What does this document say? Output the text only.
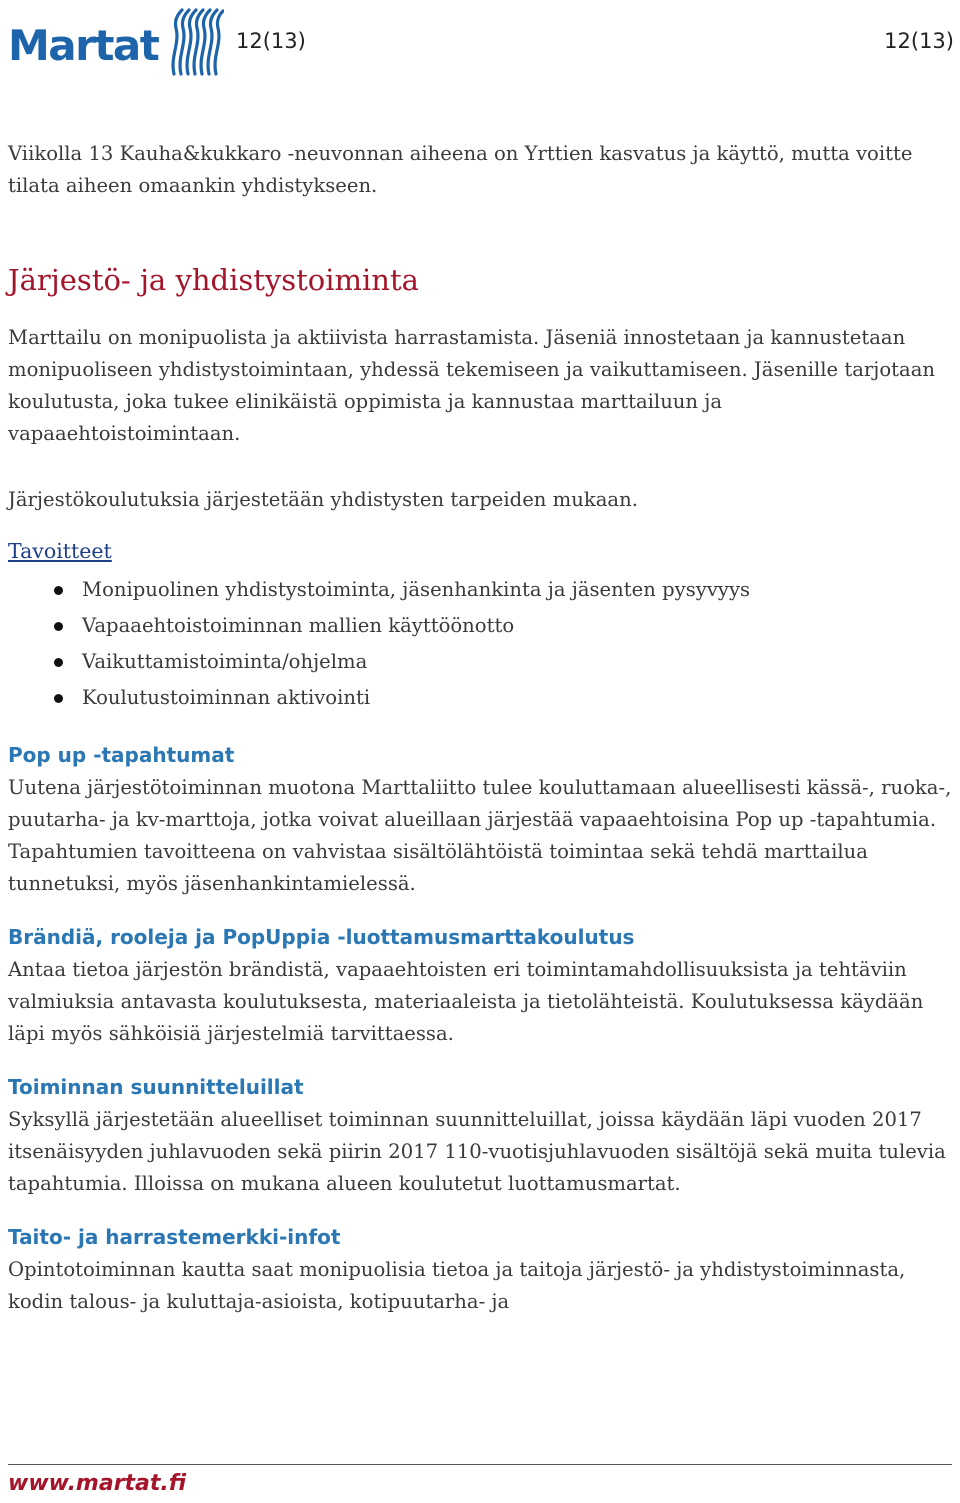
Martat	12(13)	12(13)

Viikolla 13 Kauha&kukkaro -neuvonnan aiheena on Yrttien kasvatus ja käyttö, mutta voitte tilata aiheen omaankin yhdistykseen.

Järjestö- ja yhdistystoiminta

Marttailu on monipuolista ja aktiivista harrastamista. Jäseniä innostetaan ja kannustetaan monipuoliseen yhdistystoimintaan, yhdessä tekemiseen ja vaikuttamiseen. Jäsenille tarjotaan koulutusta, joka tukee elinikäistä oppimista ja kannustaa marttailuun ja vapaaehtoistoimintaan.

Järjestökoulutuksia järjestetään yhdistysten tarpeiden mukaan.

Tavoitteet
Monipuolinen yhdistystoiminta, jäsenhankinta ja jäsenten pysyvyys
Vapaaehtoistoiminnan mallien käyttöönotto
Vaikuttamistoiminta/ohjelma
Koulutustoiminnan aktivointi
Pop up -tapahtumat

Uutena järjestötoiminnan muotona Marttaliitto tulee kouluttamaan alueellisesti kässä-, ruoka-, puutarha- ja kv-marttoja, jotka voivat alueillaan järjestää vapaaehtoisina Pop up -tapahtumia. Tapahtumien tavoitteena on vahvistaa sisältölähtöistä toimintaa sekä tehdä marttailua tunnetuksi, myös jäsenhankintamielessä.

Brändiä, rooleja ja PopUppia -luottamusmarttakoulutus

Antaa tietoa järjestön brändistä, vapaaehtoisten eri toimintamahdollisuuksista ja tehtäviin valmiuksia antavasta koulutuksesta, materiaaleista ja tietolähteistä. Koulutuksessa käydään läpi myös sähköisiä järjestelmiä tarvittaessa.

Toiminnan suunnitteluillat

Syksyllä järjestetään alueelliset toiminnan suunnitteluillat, joissa käydään läpi vuoden 2017 itsenäisyyden juhlavuoden sekä piirin 2017 110-vuotisjuhlavuoden sisältöjä sekä muita tulevia tapahtumia. Illoissa on mukana alueen koulutetut luottamusmartat.

Taito- ja harrastemerkki-infot

Opintotoiminnan kautta saat monipuolisia tietoa ja taitoja järjestö- ja yhdistystoiminnasta, kodin talous- ja kuluttaja-asioista, kotipuutarha- ja

www.martat.fi
